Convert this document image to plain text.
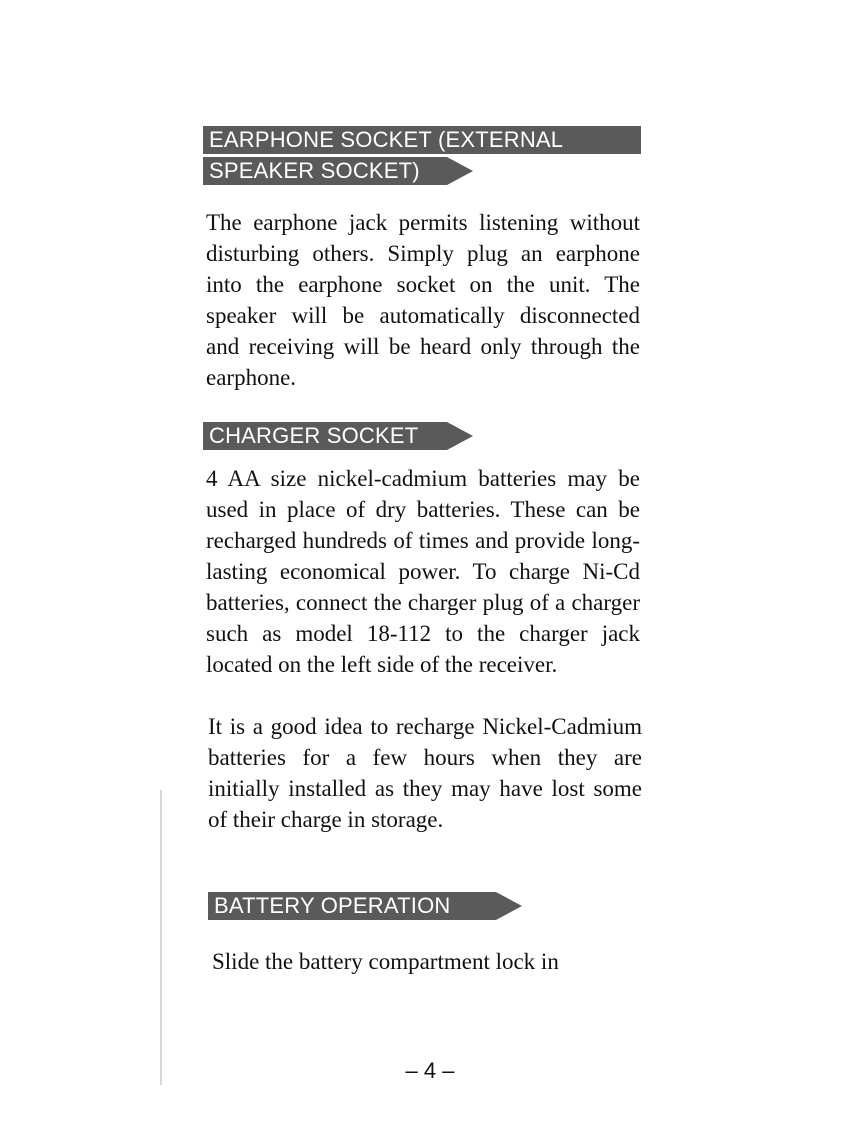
EARPHONE SOCKET (EXTERNAL
SPEAKER SOCKET)

The earphone jack permits listening without disturbing others. Simply plug an earphone into the earphone socket on the unit. The speaker will be automatically disconnected and receiving will be heard only through the earphone.

CHARGER SOCKET

4 AA size nickel-cadmium batteries may be used in place of dry batteries. These can be recharged hundreds of times and provide long-lasting economical power. To charge Ni-Cd batteries, connect the charger plug of a charger such as model 18-112 to the charger jack located on the left side of the receiver.

It is a good idea to recharge Nickel-Cadmium batteries for a few hours when they are initially installed as they may have lost some of their charge in storage.

BATTERY OPERATION

Slide the battery compartment lock in

– 4 –
